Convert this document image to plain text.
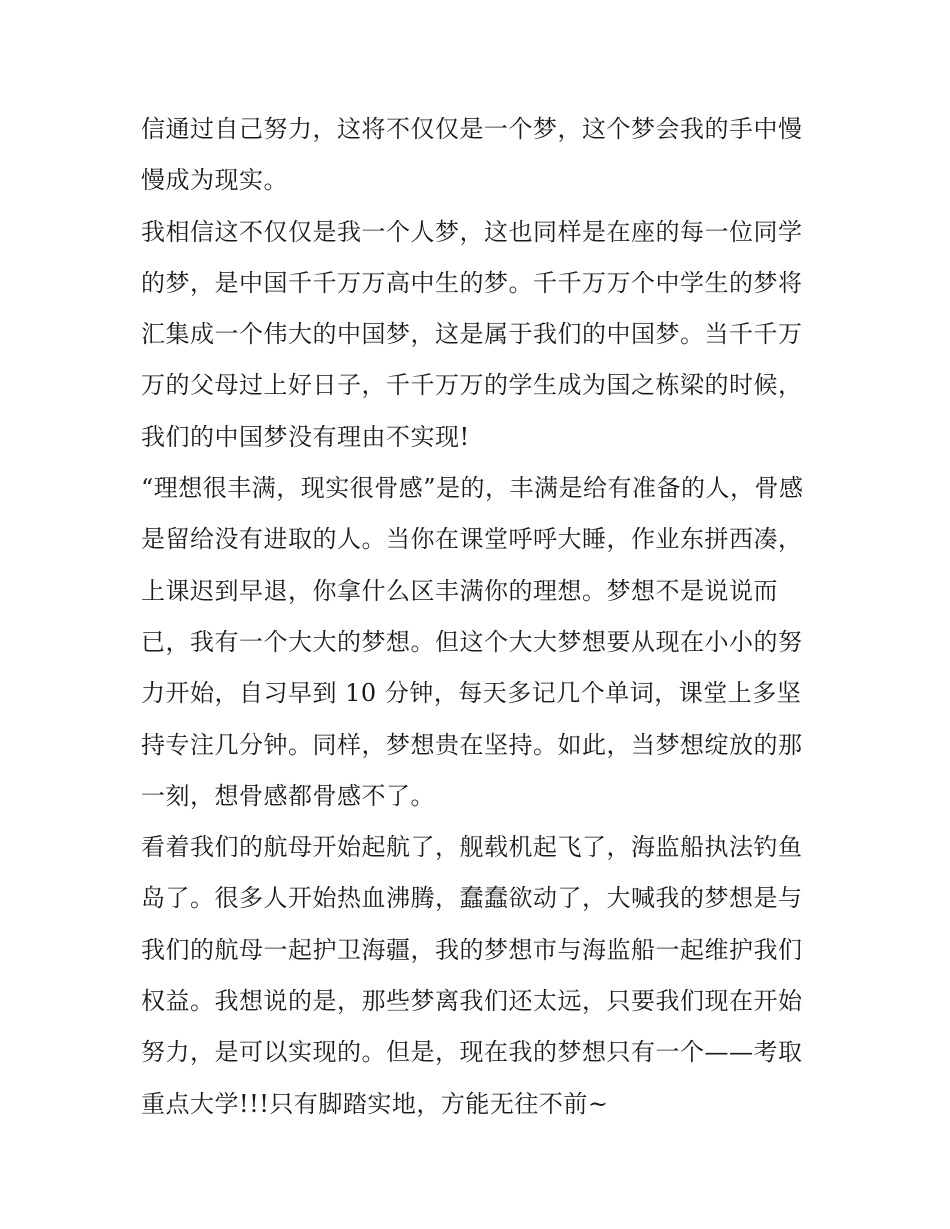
信通过自己努力，这将不仅仅是一个梦，这个梦会我的手中慢
慢成为现实。
我相信这不仅仅是我一个人梦，这也同样是在座的每一位同学
的梦，是中国千千万万高中生的梦。千千万万个中学生的梦将
汇集成一个伟大的中国梦，这是属于我们的中国梦。当千千万
万的父母过上好日子，千千万万的学生成为国之栋梁的时候，
我们的中国梦没有理由不实现!
“理想很丰满，现实很骨感”是的，丰满是给有准备的人，骨感
是留给没有进取的人。当你在课堂呼呼大睡，作业东拼西凑，
上课迟到早退，你拿什么区丰满你的理想。梦想不是说说而
已，我有一个大大的梦想。但这个大大梦想要从现在小小的努
力开始，自习早到 10 分钟，每天多记几个单词，课堂上多坚
持专注几分钟。同样，梦想贵在坚持。如此，当梦想绽放的那
一刻，想骨感都骨感不了。
看着我们的航母开始起航了，舰载机起飞了，海监船执法钓鱼
岛了。很多人开始热血沸腾，蠢蠢欲动了，大喊我的梦想是与
我们的航母一起护卫海疆，我的梦想市与海监船一起维护我们
权益。我想说的是，那些梦离我们还太远，只要我们现在开始
努力，是可以实现的。但是，现在我的梦想只有一个——考取
重点大学!!!只有脚踏实地，方能无往不前~
